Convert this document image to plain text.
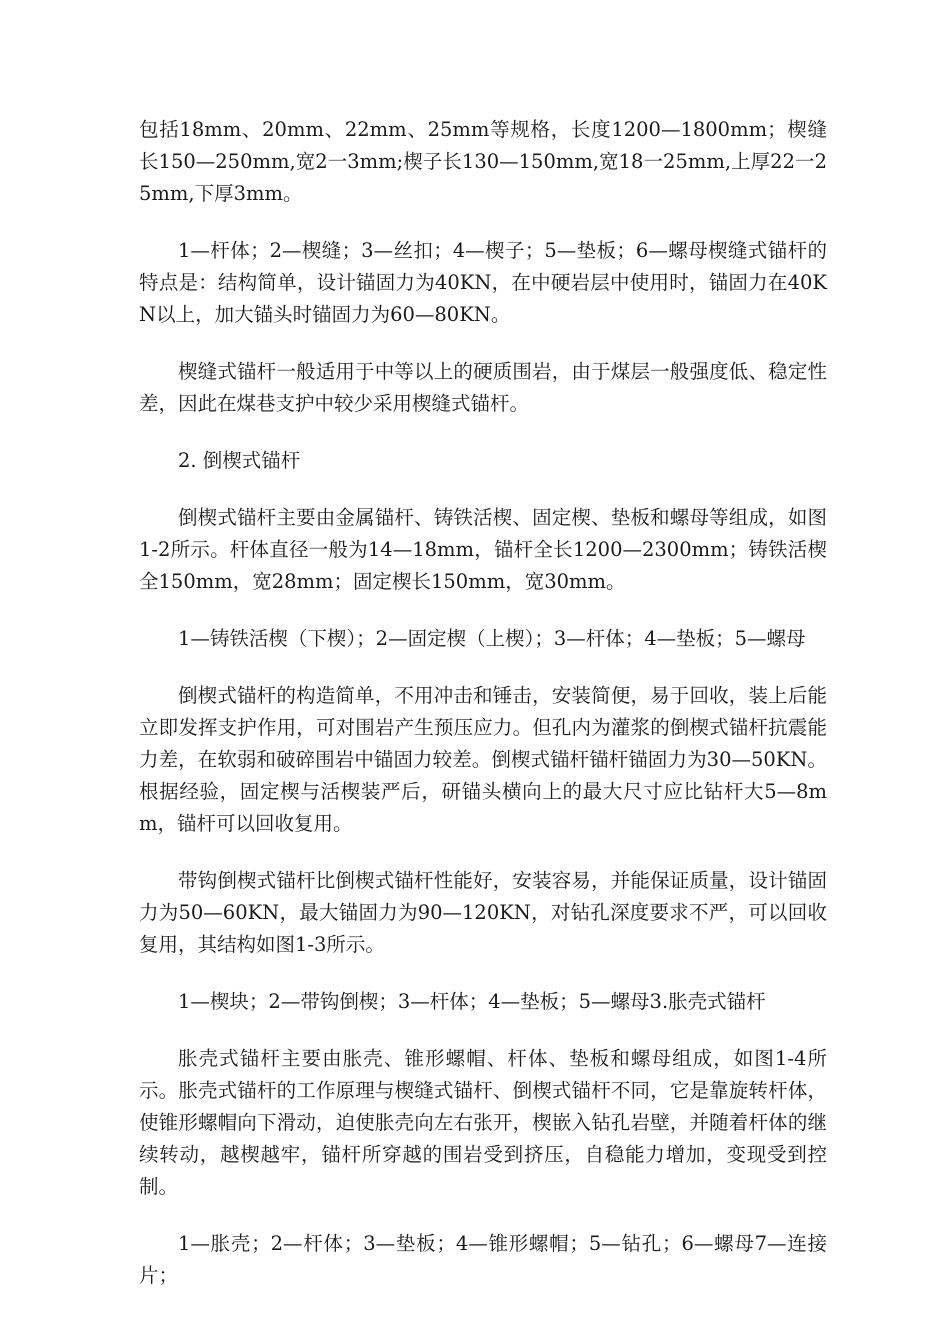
包括18mm、20mm、22mm、25mm等规格，长度1200—1800mm；楔缝长150—250mm,宽2一3mm;楔子长130—150mm,宽18一25mm,上厚22一25mm,下厚3mm。

1—杆体；2—楔缝；3—丝扣；4—楔子；5—垫板；6—螺母楔缝式锚杆的特点是：结构简单，设计锚固力为40KN，在中硬岩层中使用时，锚固力在40KN以上，加大锚头时锚固力为60—80KN。

楔缝式锚杆一般适用于中等以上的硬质围岩，由于煤层一般强度低、稳定性差，因此在煤巷支护中较少采用楔缝式锚杆。

2. 倒楔式锚杆

倒楔式锚杆主要由金属锚杆、铸铁活楔、固定楔、垫板和螺母等组成，如图1-2所示。杆体直径一般为14—18mm，锚杆全长1200—2300mm；铸铁活楔全150mm，宽28mm；固定楔长150mm，宽30mm。

1—铸铁活楔（下楔）；2—固定楔（上楔）；3—杆体；4—垫板；5—螺母

倒楔式锚杆的构造简单，不用冲击和锤击，安装简便，易于回收，装上后能立即发挥支护作用，可对围岩产生预压应力。但孔内为灌浆的倒楔式锚杆抗震能力差，在软弱和破碎围岩中锚固力较差。倒楔式锚杆锚杆锚固力为30—50KN。根据经验，固定楔与活楔装严后，研锚头横向上的最大尺寸应比钻杆大5—8mm，锚杆可以回收复用。

带钩倒楔式锚杆比倒楔式锚杆性能好，安装容易，并能保证质量，设计锚固力为50—60KN，最大锚固力为90—120KN，对钻孔深度要求不严，可以回收复用，其结构如图1-3所示。

1—楔块；2—带钩倒楔；3—杆体；4—垫板；5—螺母3.胀壳式锚杆

胀壳式锚杆主要由胀壳、锥形螺帽、杆体、垫板和螺母组成，如图1-4所示。胀壳式锚杆的工作原理与楔缝式锚杆、倒楔式锚杆不同，它是靠旋转杆体，使锥形螺帽向下滑动，迫使胀壳向左右张开，楔嵌入钻孔岩壁，并随着杆体的继续转动，越楔越牢，锚杆所穿越的围岩受到挤压，自稳能力增加，变现受到控制。

1—胀壳；2—杆体；3—垫板；4—锥形螺帽；5—钻孔；6—螺母7—连接片；
